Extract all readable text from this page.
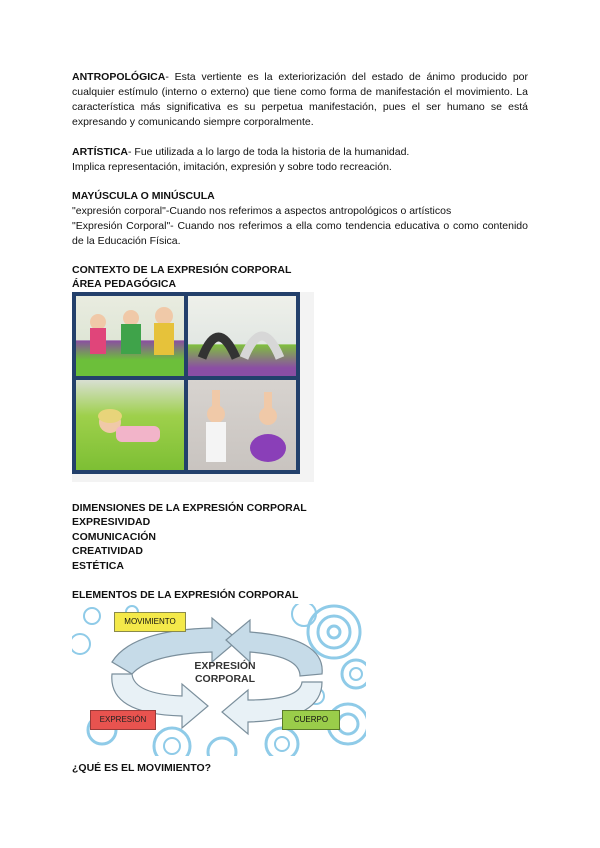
ANTROPOLÓGICA- Esta vertiente es la exteriorización del estado de ánimo producido por cualquier estímulo (interno o externo) que tiene como forma de manifestación el movimiento. La característica más significativa es su perpetua manifestación, pues el ser humano se está expresando y comunicando siempre corporalmente.
ARTÍSTICA- Fue utilizada a lo largo de toda la historia de la humanidad.
Implica representación, imitación, expresión y sobre todo recreación.
MAYÚSCULA O MINÚSCULA
"expresión corporal"-Cuando nos referimos a aspectos antropológicos o artísticos
"Expresión Corporal"- Cuando nos referimos a ella como tendencia educativa o como contenido de la Educación Física.
CONTEXTO DE LA EXPRESIÓN CORPORAL
ÁREA PEDAGÓGICA
DIMENSIONES DE LA EXPRESIÓN CORPORAL
EXPRESIVIDAD
COMUNICACIÓN
CREATIVIDAD
ESTÉTICA
ELEMENTOS DE LA EXPRESIÓN CORPORAL
EXPRESIÓN
CORPORAL
MOVIMIENTO
EXPRESIÓN	CUERPO
¿QUÉ ES EL MOVIMIENTO?
